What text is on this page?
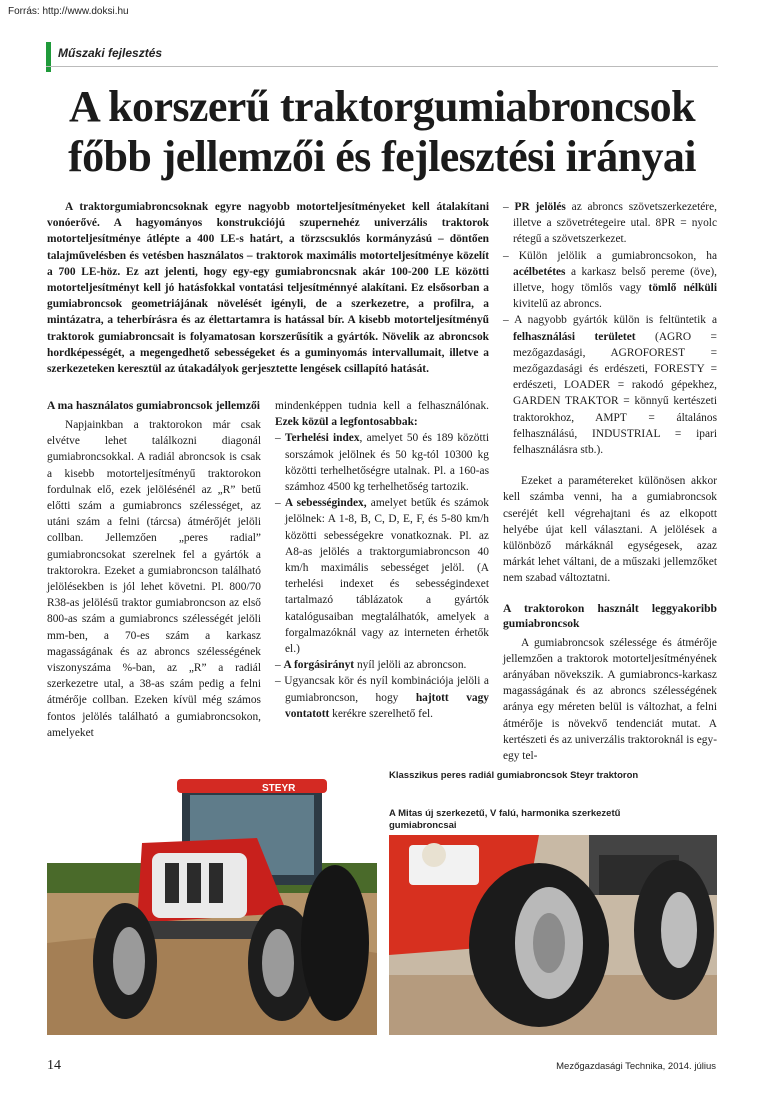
Forrás: http://www.doksi.hu
Műszaki fejlesztés
A korszerű traktorgumiabroncsok
főbb jellemzői és fejlesztési irányai

A traktorgumiabroncsoknak egyre nagyobb motorteljesítményeket kell átalakítani vonóerővé. A hagyományos konstrukciójú szupernehéz univerzális traktorok motorteljesítménye átlépte a 400 LE-s határt, a törzscsuklós kormányzású – döntően talajművelésben és vetésben használatos – traktorok maximális motorteljesítménye közelít a 700 LE-höz. Ez azt jelenti, hogy egy-egy gumiabroncsnak akár 100-200 LE közötti motorteljesítményt kell jó hatásfokkal vontatási teljesítménnyé alakítani. Ez elsősorban a gumiabroncsok geometriájának növelését igényli, de a szerkezetre, a profilra, a mintázatra, a teherbírásra és az élettartamra is hatással bír. A kisebb motorteljesítményű traktorok gumiabroncsait is folyamatosan korszerűsítik a gyártók. Növelik az abroncsok hordképességét, a megengedhető sebességeket és a guminyomás intervallumait, illetve a szerkezeteken keresztül az útakadályok gerjesztette lengések csillapító hatását.

A ma használatos gumiabroncsok jellemzői

Napjainkban a traktorokon már csak elvétve lehet találkozni diagonál gumiabroncsokkal. A radiál abroncsok is csak a kisebb motorteljesítményű traktorokon fordulnak elő, ezek jelölésénél az „R” betű előtti szám a gumiabroncs szélességet, az utáni szám a felni (tárcsa) átmérőjét jelöli collban. Jellemzően „peres radial” gumiabroncsokat szerelnek fel a gyártók a traktorokra. Ezeket a gumiabroncson található jelölésekben is jól lehet követni. Pl. 800/70 R38-as jelölésű traktor gumiabroncson az első 800-as szám a gumiabroncs szélességét jelöli mm-ben, a 70-es szám a karkasz magasságának és az abroncs szélességének viszonyszáma %-ban, az „R” a radiál szerkezetre utal, a 38-as szám pedig a felni átmérője collban. Ezeken kívül még számos fontos jelölés található a gumiabroncsokon, amelyeket

mindenképpen tudnia kell a felhasználónak. Ezek közül a legfontosabbak:

– Terhelési index, amelyet 50 és 189 közötti sorszámok jelölnek és 50 kg-tól 10300 kg közötti terhelhetőségre utalnak. Pl. a 160-as számhoz 4500 kg terhelhetőség tartozik.

– A sebességindex, amelyet betűk és számok jelölnek: A 1-8, B, C, D, E, F, és 5-80 km/h közötti sebességekre vonatkoznak. Pl. az A8-as jelölés a traktorgumiabroncson 40 km/h maximális sebességet jelöl. (A terhelési indexet és sebességindexet tartalmazó táblázatok a gyártók katalógusaiban megtalálhatók, amelyek a forgalmazóknál vagy az interneten érhetők el.)

– A forgásirányt nyíl jelöli az abroncson.

– Ugyancsak kör és nyíl kombinációja jelöli a gumiabroncson, hogy hajtott vagy vontatott kerékre szerelhető fel.

– PR jelölés az abroncs szövetszerkezetére, illetve a szövetrétegeire utal. 8PR = nyolc rétegű a szövetszerkezet.

– Külön jelölik a gumiabroncsokon, ha acélbetétes a karkasz belső pereme (öve), illetve, hogy tömlős vagy tömlő nélküli kivitelű az abroncs.

– A nagyobb gyártók külön is feltüntetik a felhasználási területet (AGRO = mezőgazdasági, AGROFOREST = mezőgazdasági és erdészeti, FORESTY = erdészeti, LOADER = rakodó gépekhez, GARDEN TRAKTOR = könnyű kertészeti traktorokhoz, AMPT = általános felhasználású, INDUSTRIAL = ipari felhasználásra stb.).

Ezeket a paramétereket különösen akkor kell számba venni, ha a gumiabroncsok cseréjét kell végrehajtani és az elkopott helyébe újat kell választani. A jelölések a különböző márkáknál egységesek, azaz márkát lehet váltani, de a műszaki jellemzőket nem szabad változtatni.

A traktorokon használt leggyakoribb gumiabroncsok

A gumiabroncsok szélessége és átmérője jellemzően a traktorok motorteljesítményének arányában növekszik. A gumiabroncs-karkasz magasságának és az abroncs szélességének aránya egy méreten belül is változhat, a felni átmérője is növekvő tendenciát mutat. A kertészeti és az univerzális traktoroknál is egy-egy tel-

STEYR
Klasszikus peres radiál gumiabroncsok Steyr traktoron
A Mitas új szerkezetű, V falú, harmonika szerkezetű gumiabroncsai
14	Mezőgazdasági Technika, 2014. július
